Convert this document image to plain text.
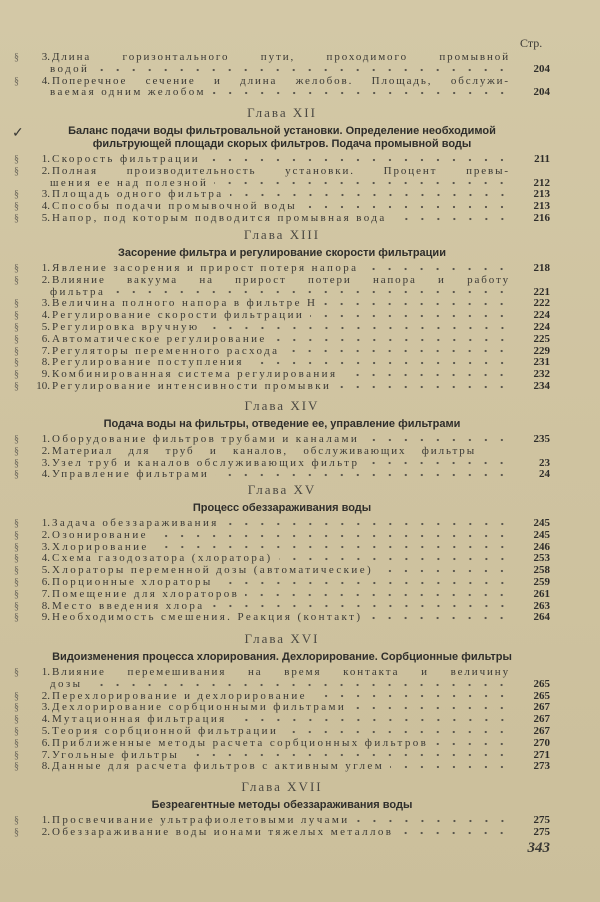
Стр.
§	3. Длина горизонтального пути, проходимого промывной
водой	204
§	4. Поперечное сечение и длина желобов. Площадь, обслужи-
ваемая одним желобом	204
✓
Глава XII
Баланс подачи воды фильтровальной установки. Определение необходимой
фильтрующей площади скорых фильтров. Подача промывной воды
§	1. Скорость фильтрации	211
§	2. Полная производительность установки. Процент превы-
шения ее над полезной	212
§	3. Площадь одного фильтра	213
§	4. Способы подачи промывочной воды	213
§	5. Напор, под которым подводится промывная вода	216
Глава XIII
Засорение фильтра и регулирование скорости фильтрации
§	1. Явление засорения и прирост потеря напора	218
§	2. Влияние вакуума на прирост потери напора и работу
фильтра	221
§	3. Величина полного напора в фильтре H	222
§	4. Регулирование скорости фильтрации	224
§	5. Регулировка вручную	224
§	6. Автоматическое регулирование	225
§	7. Регуляторы переменного расхода	229
§	8. Регулирование поступления	231
§	9. Комбинированная система регулирования	232
§	10. Регулирование интенсивности промывки	234
Глава XIV
Подача воды на фильтры, отведение ее, управление фильтрами
§	1. Оборудование фильтров трубами и каналами	235
§	2. Материал для труб и каналов, обслуживающих фильтры
§	3. Узел труб и каналов обслуживающих фильтр	23
§	4. Управление фильтрами	24
Глава XV
Процесс обеззараживания воды
§	1. Задача обеззараживания	245
§	2. Озонирование	245
§	3. Хлорирование	246
§	4. Схема газодозатора (хлоратора)	253
§	5. Хлораторы переменной дозы (автоматические)	258
§	6. Порционные хлораторы	259
§	7. Помещение для хлораторов	261
§	8. Место введения хлора	263
§	9. Необходимость смешения. Реакция (контакт)	264
Глава XVI
Видоизменения процесса хлорирования. Дехлорирование. Сорбционные фильтры
§	1. Влияние перемешивания на время контакта и величину
дозы	265
§	2. Перехлорирование и дехлорирование	265
§	3. Дехлорирование сорбционными фильтрами	267
§	4. Мутационная фильтрация	267
§	5. Теория сорбционной фильтрации	267
§	6. Приближенные методы расчета сорбционных фильтров	270
§	7. Угольные фильтры	271
§	8. Данные для расчета фильтров с активным углем	273
Глава XVII
Безреагентные методы обеззараживания воды
§	1. Просвечивание ультрафиолетовыми лучами	275
§	2. Обеззараживание воды ионами тяжелых металлов	275
343
